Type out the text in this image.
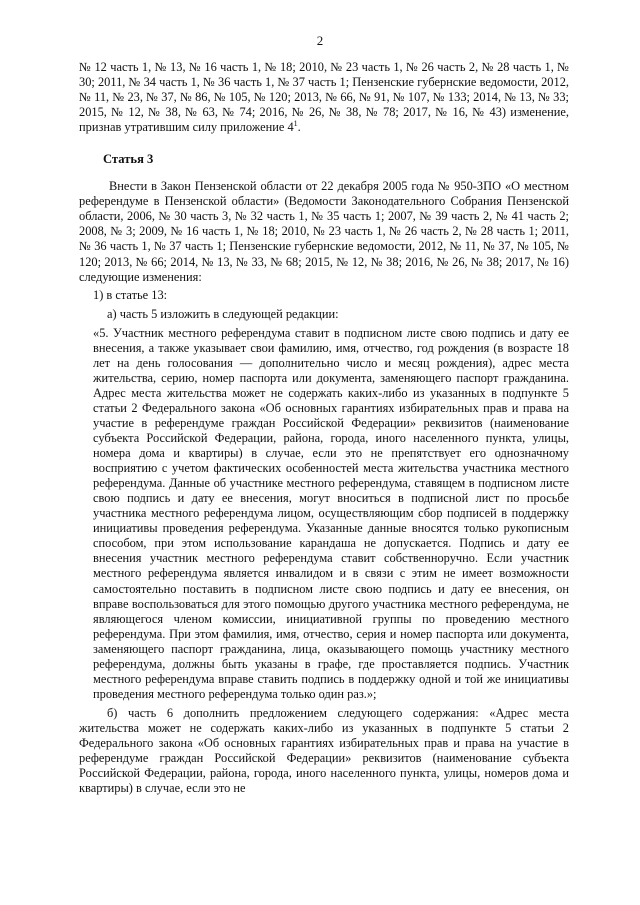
2

№ 12 часть 1, № 13, № 16 часть 1, № 18; 2010, № 23 часть 1, № 26 часть 2, № 28 часть 1, № 30; 2011, № 34 часть 1, № 36 часть 1, № 37 часть 1; Пензенские губернские ведомости, 2012, № 11, № 23, № 37, № 86, № 105, № 120; 2013, № 66, № 91, № 107, № 133; 2014, № 13, № 33; 2015, № 12, № 38, № 63, № 74; 2016, № 26, № 38, № 78; 2017, № 16, № 43) изменение, признав утратившим силу приложение $4^1$.

Статья 3

Внести в Закон Пензенской области от 22 декабря 2005 года № 950-ЗПО «О местном референдуме в Пензенской области» (Ведомости Законодательного Собрания Пензенской области, 2006, № 30 часть 3, № 32 часть 1, № 35 часть 1; 2007, № 39 часть 2, № 41 часть 2; 2008, № 3; 2009, № 16 часть 1, № 18; 2010, № 23 часть 1, № 26 часть 2, № 28 часть 1; 2011, № 36 часть 1, № 37 часть 1; Пензенские губернские ведомости, 2012, № 11, № 37, № 105, № 120; 2013, № 66; 2014, № 13, № 33, № 68; 2015, № 12, № 38; 2016, № 26, № 38; 2017, № 16) следующие изменения:

1) в статье 13:

а) часть 5 изложить в следующей редакции:

«5. Участник местного референдума ставит в подписном листе свою подпись и дату ее внесения, а также указывает свои фамилию, имя, отчество, год рождения (в возрасте 18 лет на день голосования — дополнительно число и месяц рождения), адрес места жительства, серию, номер паспорта или документа, заменяющего паспорт гражданина. Адрес места жительства может не содержать каких-либо из указанных в подпункте 5 статьи 2 Федерального закона «Об основных гарантиях избирательных прав и права на участие в референдуме граждан Российской Федерации» реквизитов (наименование субъекта Российской Федерации, района, города, иного населенного пункта, улицы, номера дома и квартиры) в случае, если это не препятствует его однозначному восприятию с учетом фактических особенностей места жительства участника местного референдума. Данные об участнике местного референдума, ставящем в подписном листе свою подпись и дату ее внесения, могут вноситься в подписной лист по просьбе участника местного референдума лицом, осуществляющим сбор подписей в поддержку инициативы проведения референдума. Указанные данные вносятся только рукописным способом, при этом использование карандаша не допускается. Подпись и дату ее внесения участник местного референдума ставит собственноручно. Если участник местного референдума является инвалидом и в связи с этим не имеет возможности самостоятельно поставить в подписном листе свою подпись и дату ее внесения, он вправе воспользоваться для этого помощью другого участника местного референдума, не являющегося членом комиссии, инициативной группы по проведению местного референдума. При этом фамилия, имя, отчество, серия и номер паспорта или документа, заменяющего паспорт гражданина, лица, оказывающего помощь участнику местного референдума, должны быть указаны в графе, где проставляется подпись. Участник местного референдума вправе ставить подпись в поддержку одной и той же инициативы проведения местного референдума только один раз.»;

б) часть 6 дополнить предложением следующего содержания: «Адрес места жительства может не содержать каких-либо из указанных в подпункте 5 статьи 2 Федерального закона «Об основных гарантиях избирательных прав и права на участие в референдуме граждан Российской Федерации» реквизитов (наименование субъекта Российской Федерации, района, города, иного населенного пункта, улицы, номеров дома и квартиры) в случае, если это не
